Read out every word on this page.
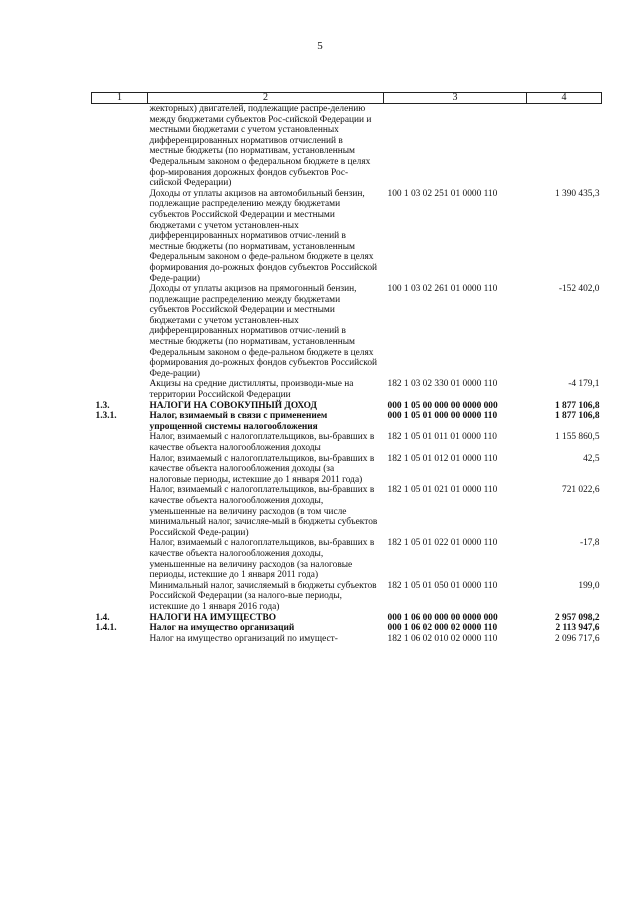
5
1	2	3	4
	жекторных) двигателей, подлежащие распре-делению между бюджетами субъектов Рос-сийской Федерации и местными бюджетами с учетом установленных дифференцированных нормативов отчислений в местные бюджеты (по нормативам, установленным Федеральным законом о федеральном бюджете в целях фор-мирования дорожных фондов субъектов Рос-сийской Федерации)		
	Доходы от уплаты акцизов на автомобильный бензин, подлежащие распределению между бюджетами субъектов Российской Федерации и местными бюджетами с учетом установлен-ных дифференцированных нормативов отчис-лений в местные бюджеты (по нормативам, установленным Федеральным законом о феде-ральном бюджете в целях формирования до-рожных фондов субъектов Российской Феде-рации)	100 1 03 02 251 01 0000 110	1 390 435,3
	Доходы от уплаты акцизов на прямогонный бензин, подлежащие распределению между бюджетами субъектов Российской Федерации и местными бюджетами с учетом установлен-ных дифференцированных нормативов отчис-лений в местные бюджеты (по нормативам, установленным Федеральным законом о феде-ральном бюджете в целях формирования до-рожных фондов субъектов Российской Феде-рации)	100 1 03 02 261 01 0000 110	-152 402,0
	Акцизы на средние дистилляты, производи-мые на территории Российской Федерации	182 1 03 02 330 01 0000 110	-4 179,1
1.3.	НАЛОГИ НА СОВОКУПНЫЙ ДОХОД	000 1 05 00 000 00 0000 000	1 877 106,8
1.3.1.	Налог, взимаемый в связи с применением упрощенной системы налогообложения	000 1 05 01 000 00 0000 110	1 877 106,8
	Налог, взимаемый с налогоплательщиков, вы-бравших в качестве объекта налогообложения доходы	182 1 05 01 011 01 0000 110	1 155 860,5
	Налог, взимаемый с налогоплательщиков, вы-бравших в качестве объекта налогообложения доходы (за налоговые периоды, истекшие до 1 января 2011 года)	182 1 05 01 012 01 0000 110	42,5
	Налог, взимаемый с налогоплательщиков, вы-бравших в качестве объекта налогообложения доходы, уменьшенные на величину расходов (в том числе минимальный налог, зачисляе-мый в бюджеты субъектов Российской Феде-рации)	182 1 05 01 021 01 0000 110	721 022,6
	Налог, взимаемый с налогоплательщиков, вы-бравших в качестве объекта налогообложения доходы, уменьшенные на величину расходов (за налоговые периоды, истекшие до 1 января 2011 года)	182 1 05 01 022 01 0000 110	-17,8
	Минимальный налог, зачисляемый в бюджеты субъектов Российской Федерации (за налого-вые периоды, истекшие до 1 января 2016 года)	182 1 05 01 050 01 0000 110	199,0
1.4.	НАЛОГИ НА ИМУЩЕСТВО	000 1 06 00 000 00 0000 000	2 957 098,2
1.4.1.	Налог на имущество организаций	000 1 06 02 000 02 0000 110	2 113 947,6
	Налог на имущество организаций по имущест-	182 1 06 02 010 02 0000 110	2 096 717,6
